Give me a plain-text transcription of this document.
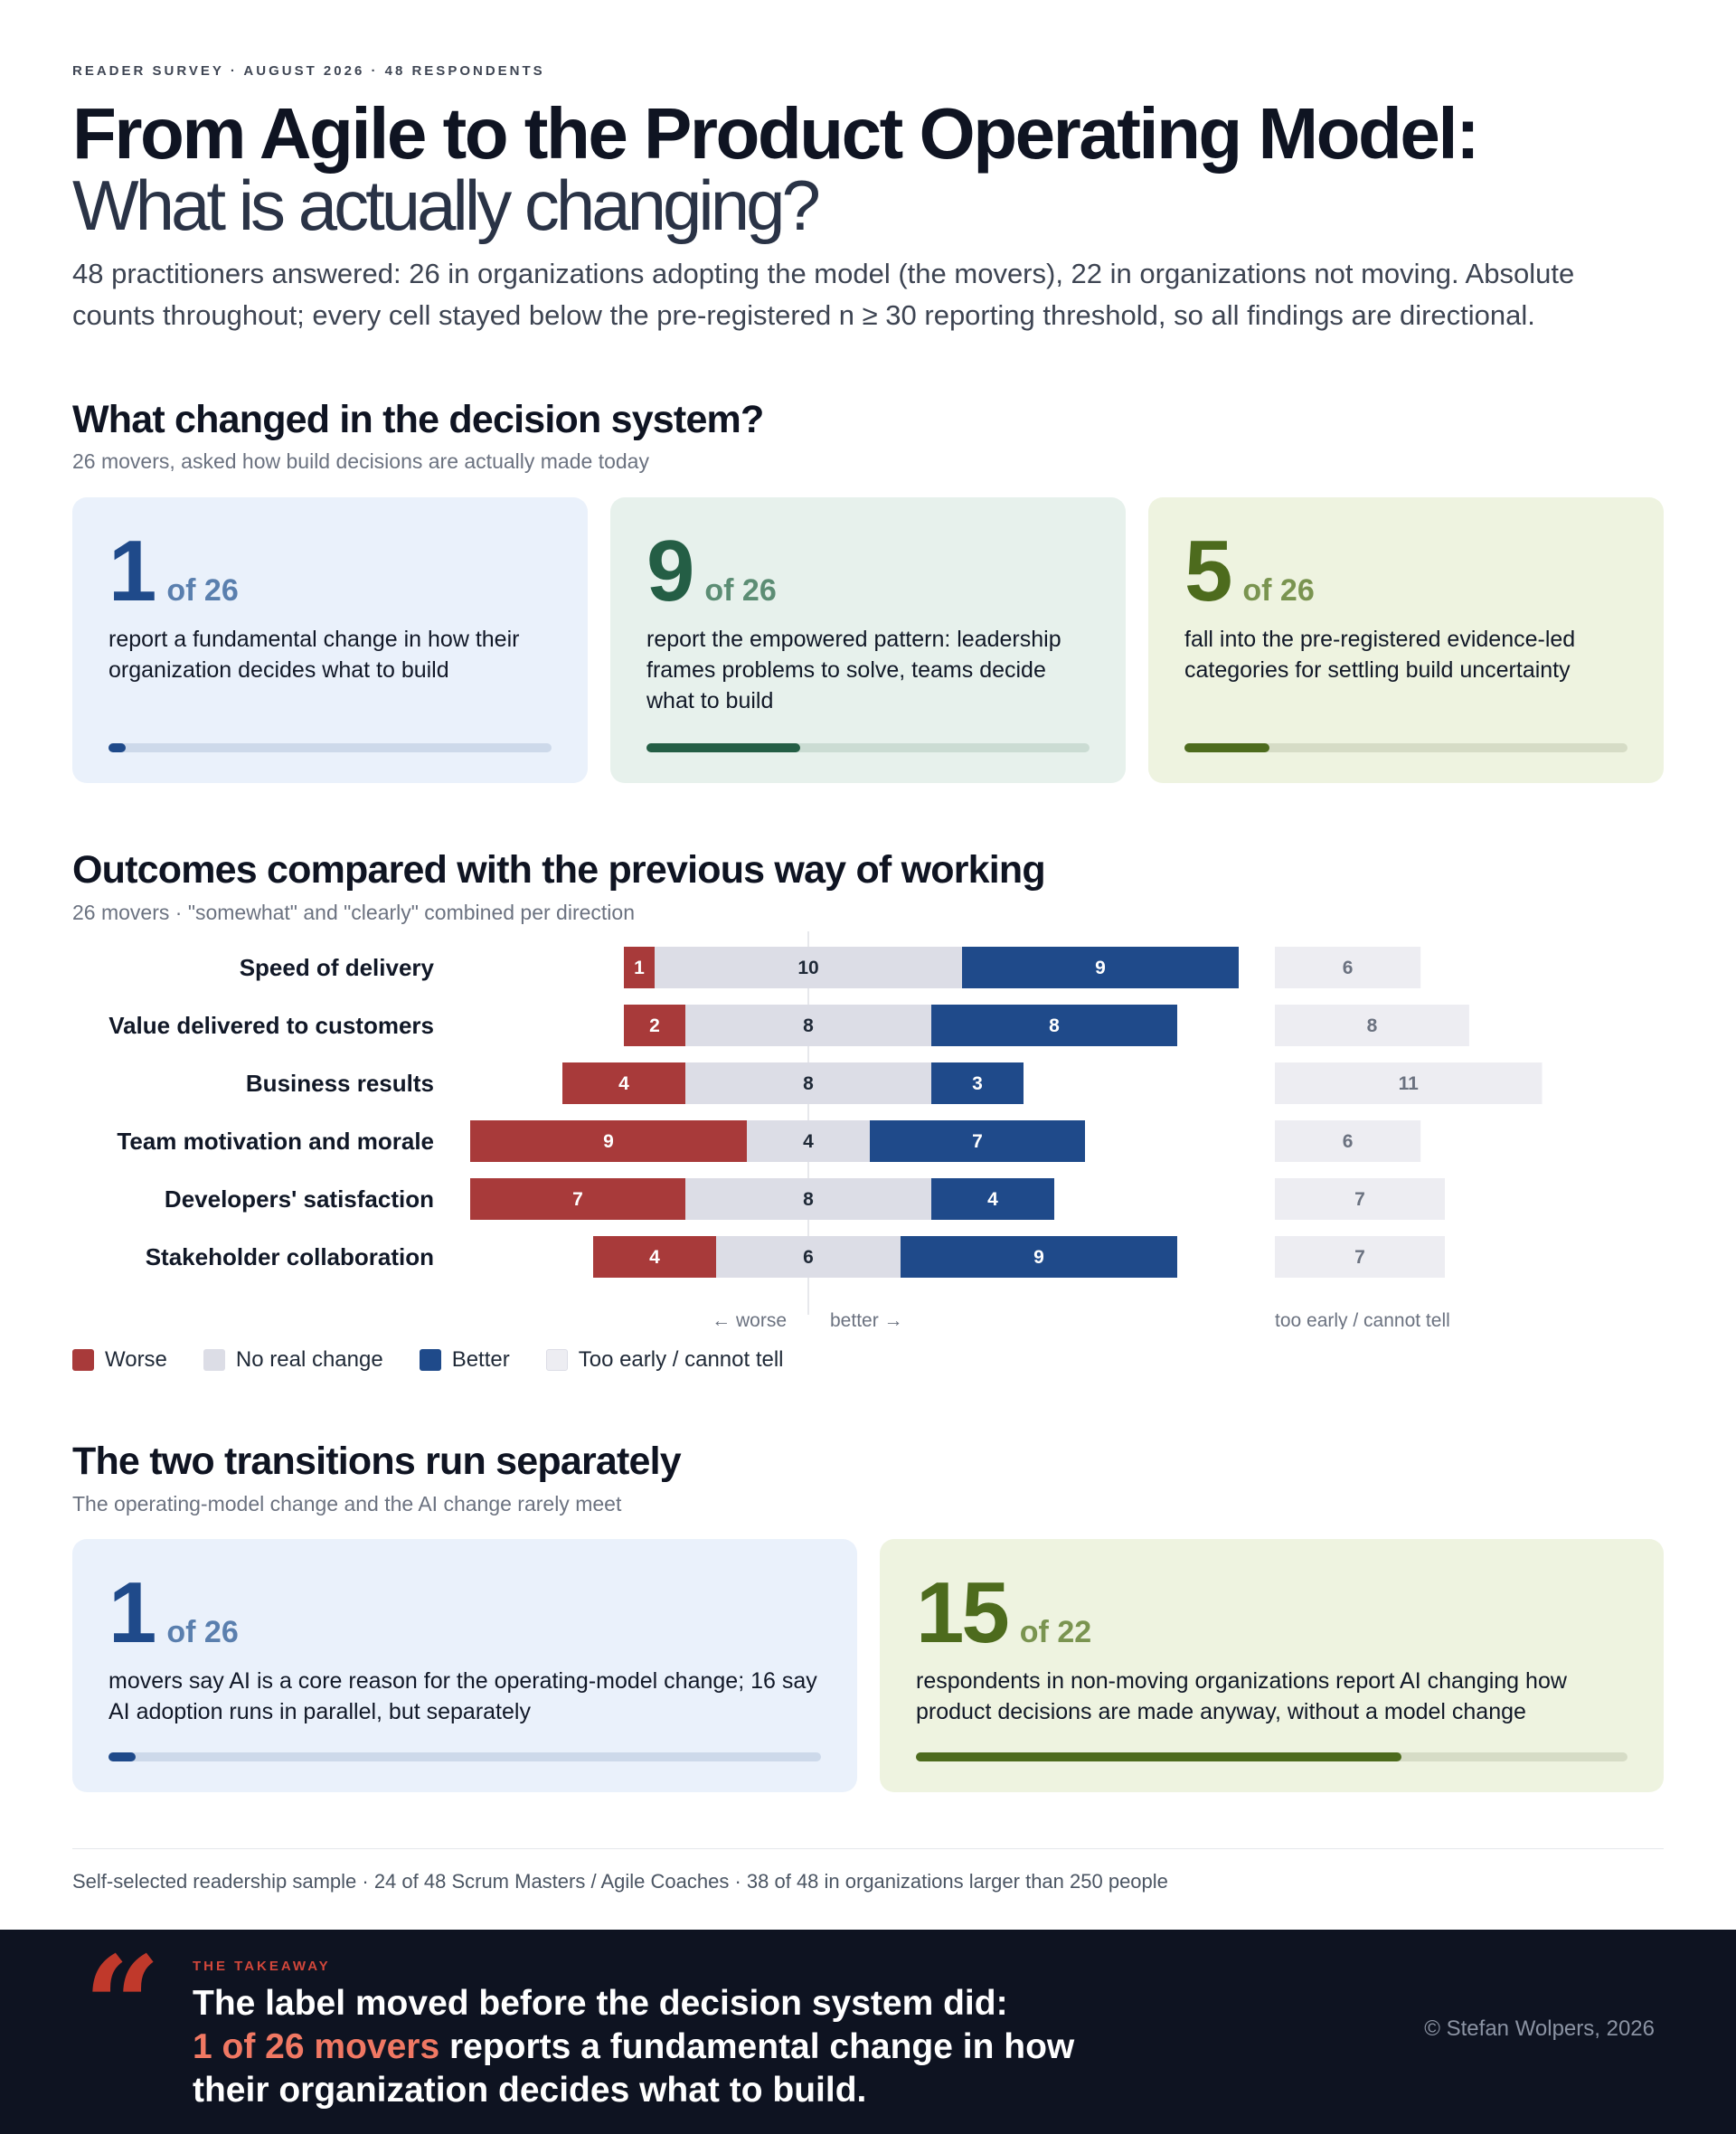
READER SURVEY · AUGUST 2026 · 48 RESPONDENTS
From Agile to the Product Operating Model:
What is actually changing?
48 practitioners answered: 26 in organizations adopting the model (the movers), 22 in organizations not moving. Absolute counts throughout; every cell stayed below the pre-registered n ≥ 30 reporting threshold, so all findings are directional.
What changed in the decision system?
26 movers, asked how build decisions are actually made today
1 of 26
report a fundamental change in how their organization decides what to build
9 of 26
report the empowered pattern: leadership frames problems to solve, teams decide what to build
5 of 26
fall into the pre-registered evidence-led categories for settling build uncertainty
Outcomes compared with the previous way of working
26 movers · "somewhat" and "clearly" combined per direction
Speed of delivery	1	10	9	6
Value delivered to customers	2	8	8	8
Business results	4	8	3	11
Team motivation and morale	9	4	7	6
Developers' satisfaction	7	8	4	7
Stakeholder collaboration	4	6	9	7
← worse better →	too early / cannot tell
Worse	No real change	Better	Too early / cannot tell
The two transitions run separately
The operating-model change and the AI change rarely meet
1 of 26
movers say AI is a core reason for the operating-model change; 16 say AI adoption runs in parallel, but separately
15 of 22
respondents in non-moving organizations report AI changing how product decisions are made anyway, without a model change
Self-selected readership sample · 24 of 48 Scrum Masters / Agile Coaches · 38 of 48 in organizations larger than 250 people
“ THE TAKEAWAY
The label moved before the decision system did:
1 of 26 movers reports a fundamental change in how their organization decides what to build.
© Stefan Wolpers, 2026
